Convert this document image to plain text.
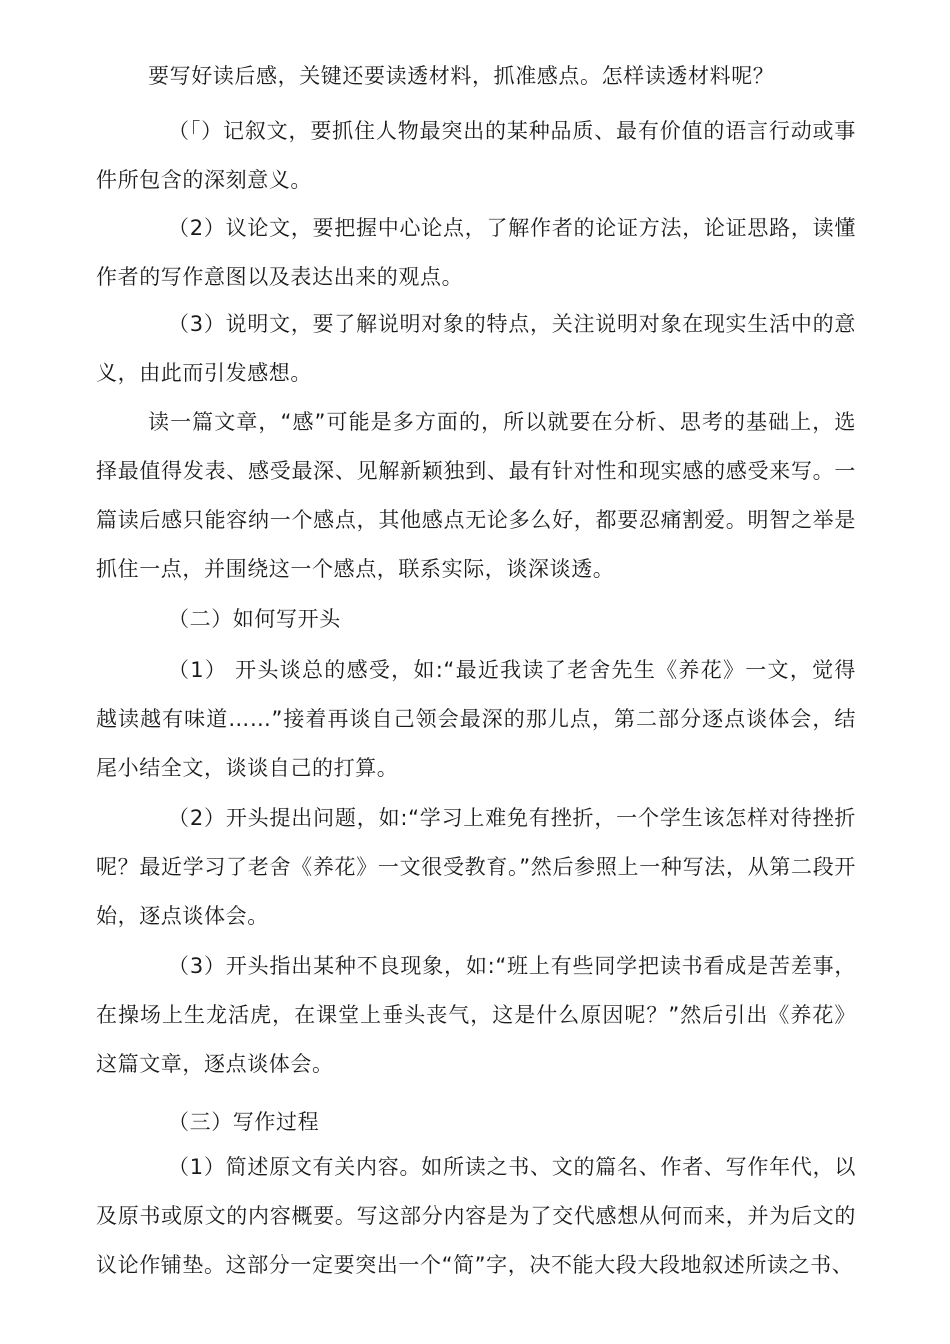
要写好读后感，关键还要读透材料，抓准感点。怎样读透材料呢？

（「）记叙文，要抓住人物最突出的某种品质、最有价值的语言行动或事件所包含的深刻意义。

（2）议论文，要把握中心论点，了解作者的论证方法，论证思路，读懂作者的写作意图以及表达出来的观点。

（3）说明文，要了解说明对象的特点，关注说明对象在现实生活中的意义，由此而引发感想。

读一篇文章，“感”可能是多方面的，所以就要在分析、思考的基础上，选择最值得发表、感受最深、见解新颖独到、最有针对性和现实感的感受来写。一篇读后感只能容纳一个感点，其他感点无论多么好，都要忍痛割爱。明智之举是抓住一点，并围绕这一个感点，联系实际，谈深谈透。

（二）如何写开头

（1） 开头谈总的感受，如:“最近我读了老舍先生《养花》一文，觉得越读越有味道……”接着再谈自己领会最深的那儿点，第二部分逐点谈体会，结尾小结全文，谈谈自己的打算。

（2）开头提出问题，如:“学习上难免有挫折，一个学生该怎样对待挫折呢？最近学习了老舍《养花》一文很受教育。”然后参照上一种写法，从第二段开始，逐点谈体会。

（3）开头指出某种不良现象，如:“班上有些同学把读书看成是苦差事，在操场上生龙活虎，在课堂上垂头丧气，这是什么原因呢？”然后引出《养花》这篇文章，逐点谈体会。

（三）写作过程

（1）简述原文有关内容。如所读之书、文的篇名、作者、写作年代，以及原书或原文的内容概要。写这部分内容是为了交代感想从何而来，并为后文的议论作铺垫。这部分一定要突出一个“简”字，决不能大段大段地叙述所读之书、
